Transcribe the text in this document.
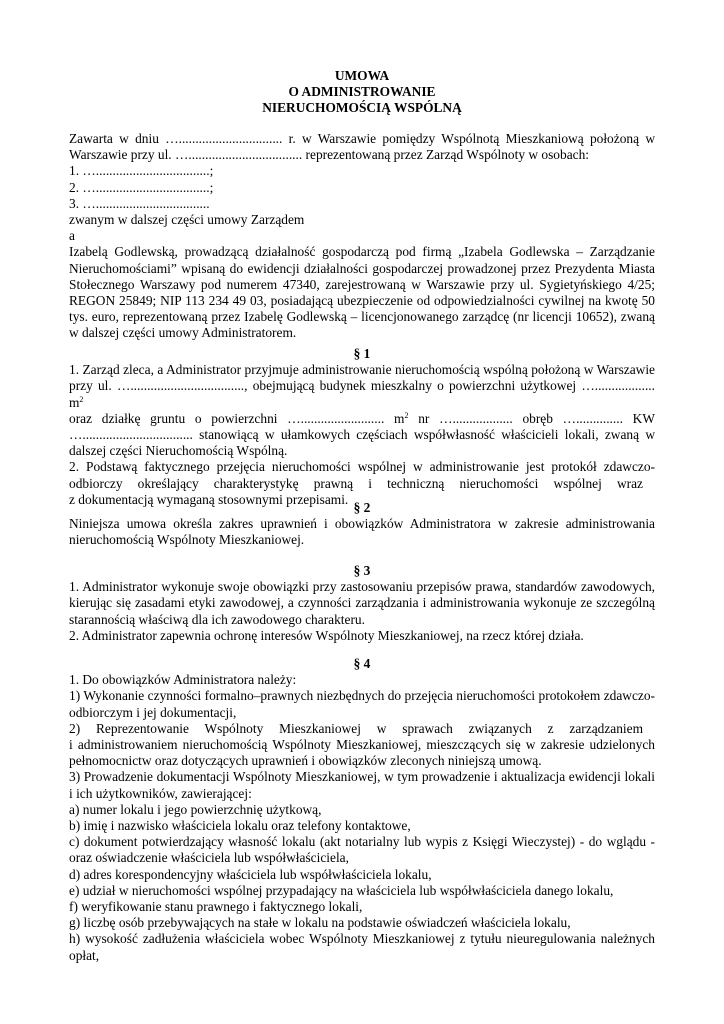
UMOWA
O ADMINISTROWANIE
NIERUCHOMOŚCIĄ WSPÓLNĄ

Zawarta w dniu …............................... r. w Warszawie pomiędzy Wspólnotą Mieszkaniową położoną w

Warszawie przy ul. ….................................. reprezentowaną przez Zarząd Wspólnoty w osobach:

1. …..................................;

2. …..................................;

3. …..................................

zwanym w dalszej części umowy Zarządem

a

Izabelą Godlewską, prowadzącą działalność gospodarczą pod firmą „Izabela Godlewska – Zarządzanie

Nieruchomościami” wpisaną do ewidencji działalności gospodarczej prowadzonej przez Prezydenta Miasta

Stołecznego Warszawy pod numerem 47340, zarejestrowaną w Warszawie przy ul. Sygietyńskiego 4/25;

REGON 25849; NIP 113 234 49 03, posiadającą ubezpieczenie od odpowiedzialności cywilnej na kwotę 50

tys. euro, reprezentowaną przez Izabelę Godlewską – licencjonowanego zarządcę (nr licencji 10652), zwaną

w dalszej części umowy Administratorem.

§ 1

1. Zarząd zleca, a Administrator przyjmuje administrowanie nieruchomością wspólną położoną w Warszawie

przy ul. ….................................., obejmującą budynek mieszkalny o powierzchni użytkowej ….................. $m^2$

oraz działkę gruntu o powierzchni …......................... $m^2$ nr ….................. obręb ….............. KW

…................................. stanowiącą w ułamkowych częściach współwłasność właścicieli lokali, zwaną w

dalszej części Nieruchomością Wspólną.

2. Podstawą faktycznego przejęcia nieruchomości wspólnej w administrowanie jest protokół zdawczo-

odbiorczy określający charakterystykę prawną i techniczną nieruchomości wspólnej wraz

z dokumentacją wymaganą stosownymi przepisami.

§ 2

Niniejsza umowa określa zakres uprawnień i obowiązków Administratora w zakresie administrowania

nieruchomością Wspólnoty Mieszkaniowej.

§ 3

1. Administrator wykonuje swoje obowiązki przy zastosowaniu przepisów prawa, standardów zawodowych,

kierując się zasadami etyki zawodowej, a czynności zarządzania i administrowania wykonuje ze szczególną

starannością właściwą dla ich zawodowego charakteru.

2. Administrator zapewnia ochronę interesów Wspólnoty Mieszkaniowej, na rzecz której działa.

§ 4

1. Do obowiązków Administratora należy:

1) Wykonanie czynności formalno–prawnych niezbędnych do przejęcia nieruchomości protokołem zdawczo-

odbiorczym i jej dokumentacji,

2) Reprezentowanie Wspólnoty Mieszkaniowej w sprawach związanych z zarządzaniem

i administrowaniem nieruchomością Wspólnoty Mieszkaniowej, mieszczących się w zakresie udzielonych

pełnomocnictw oraz dotyczących uprawnień i obowiązków zleconych niniejszą umową.

3) Prowadzenie dokumentacji Wspólnoty Mieszkaniowej, w tym prowadzenie i aktualizacja ewidencji lokali

i ich użytkowników, zawierającej:

a) numer lokalu i jego powierzchnię użytkową,

b) imię i nazwisko właściciela lokalu oraz telefony kontaktowe,

c) dokument potwierdzający własność lokalu (akt notarialny lub wypis z Księgi Wieczystej) - do wglądu -

oraz oświadczenie właściciela lub współwłaściciela,

d) adres korespondencyjny właściciela lub współwłaściciela lokalu,

e) udział w nieruchomości wspólnej przypadający na właściciela lub współwłaściciela danego lokalu,

f) weryfikowanie stanu prawnego i faktycznego lokali,

g) liczbę osób przebywających na stałe w lokalu na podstawie oświadczeń właściciela lokalu,

h) wysokość zadłużenia właściciela wobec Wspólnoty Mieszkaniowej z tytułu nieuregulowania należnych

opłat,
